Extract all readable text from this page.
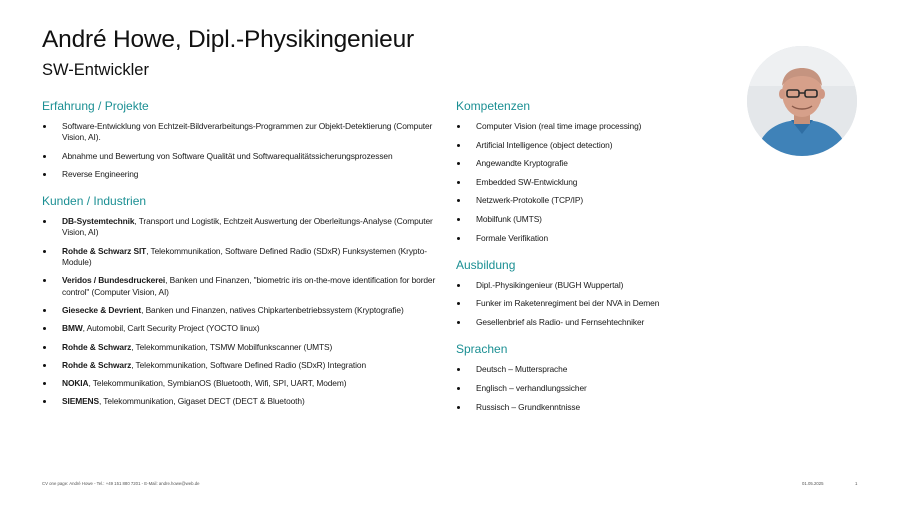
André Howe, Dipl.-Physikingenieur
SW-Entwickler
Erfahrung / Projekte
Software-Entwicklung von Echtzeit-Bildverarbeitungs-Programmen zur Objekt-Detektierung (Computer Vision, AI).
Abnahme und Bewertung von Software Qualität und Softwarequalitätssicherungsprozessen
Reverse Engineering
Kunden / Industrien
DB-Systemtechnik, Transport und Logistik, Echtzeit Auswertung der Oberleitungs-Analyse (Computer Vision, AI)
Rohde & Schwarz SIT, Telekommunikation, Software Defined Radio (SDxR) Funksystemen (Krypto-Module)
Veridos / Bundesdruckerei, Banken und Finanzen, "biometric iris on-the-move identification for border control" (Computer Vision, AI)
Giesecke & Devrient, Banken und Finanzen, natives Chipkartenbetriebssystem (Kryptografie)
BMW, Automobil, Carlt Security Project (YOCTO linux)
Rohde & Schwarz, Telekommunikation, TSMW Mobilfunkscanner (UMTS)
Rohde & Schwarz, Telekommunikation, Software Defined Radio (SDxR) Integration
NOKIA, Telekommunikation, SymbianOS (Bluetooth, Wifi, SPI, UART, Modem)
SIEMENS, Telekommunikation, Gigaset DECT (DECT & Bluetooth)
Kompetenzen
Computer Vision (real time image processing)
Artificial Intelligence (object detection)
Angewandte Kryptografie
Embedded SW-Entwicklung
Netzwerk-Protokolle (TCP/IP)
Mobilfunk (UMTS)
Formale Verifikation
Ausbildung
Dipl.-Physikingenieur (BUGH Wuppertal)
Funker im Raketenregiment bei der NVA in Demen
Gesellenbrief als Radio- und Fernsehtechniker
Sprachen
Deutsch – Muttersprache
Englisch – verhandlungssicher
Russisch – Grundkenntnisse
CV one page: André Howe - Tel.: +49 151 880 7201 - E-Mail: andre.howe@web.de	01.05.2025	1
